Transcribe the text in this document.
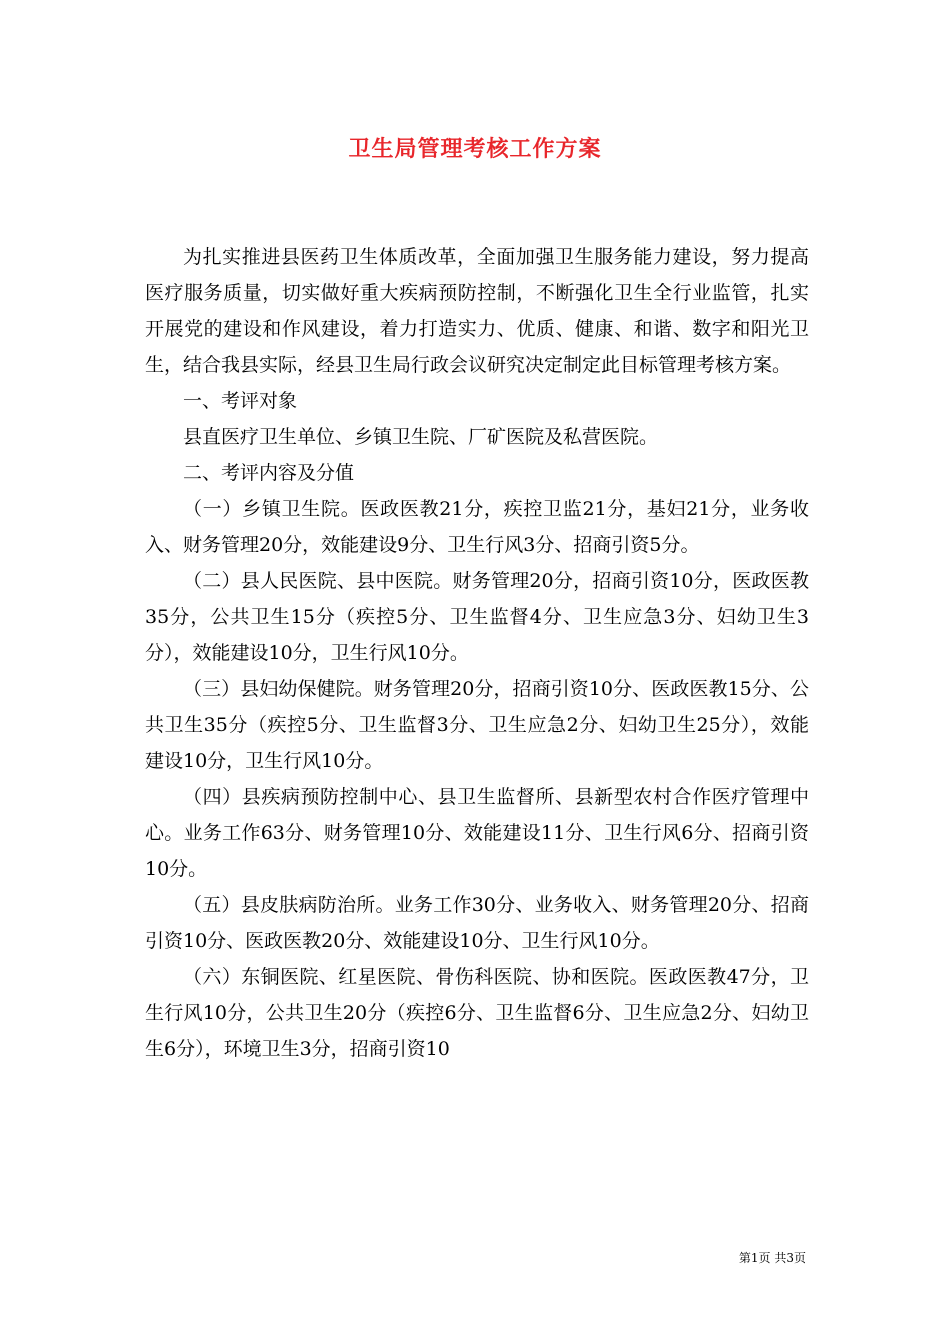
卫生局管理考核工作方案

为扎实推进县医药卫生体质改革，全面加强卫生服务能力建设，努力提高医疗服务质量，切实做好重大疾病预防控制，不断强化卫生全行业监管，扎实开展党的建设和作风建设，着力打造实力、优质、健康、和谐、数字和阳光卫生，结合我县实际，经县卫生局行政会议研究决定制定此目标管理考核方案。

一、考评对象

县直医疗卫生单位、乡镇卫生院、厂矿医院及私营医院。

二、考评内容及分值

（一）乡镇卫生院。医政医教21分，疾控卫监21分，基妇21分，业务收入、财务管理20分，效能建设9分、卫生行风3分、招商引资5分。

（二）县人民医院、县中医院。财务管理20分，招商引资10分，医政医教35分，公共卫生15分（疾控5分、卫生监督4分、卫生应急3分、妇幼卫生3分），效能建设10分，卫生行风10分。

（三）县妇幼保健院。财务管理20分，招商引资10分、医政医教15分、公共卫生35分（疾控5分、卫生监督3分、卫生应急2分、妇幼卫生25分），效能建设10分，卫生行风10分。

（四）县疾病预防控制中心、县卫生监督所、县新型农村合作医疗管理中心。业务工作63分、财务管理10分、效能建设11分、卫生行风6分、招商引资10分。

（五）县皮肤病防治所。业务工作30分、业务收入、财务管理20分、招商引资10分、医政医教20分、效能建设10分、卫生行风10分。

（六）东铜医院、红星医院、骨伤科医院、协和医院。医政医教47分，卫生行风10分，公共卫生20分（疾控6分、卫生监督6分、卫生应急2分、妇幼卫生6分），环境卫生3分，招商引资10

第1页 共3页
